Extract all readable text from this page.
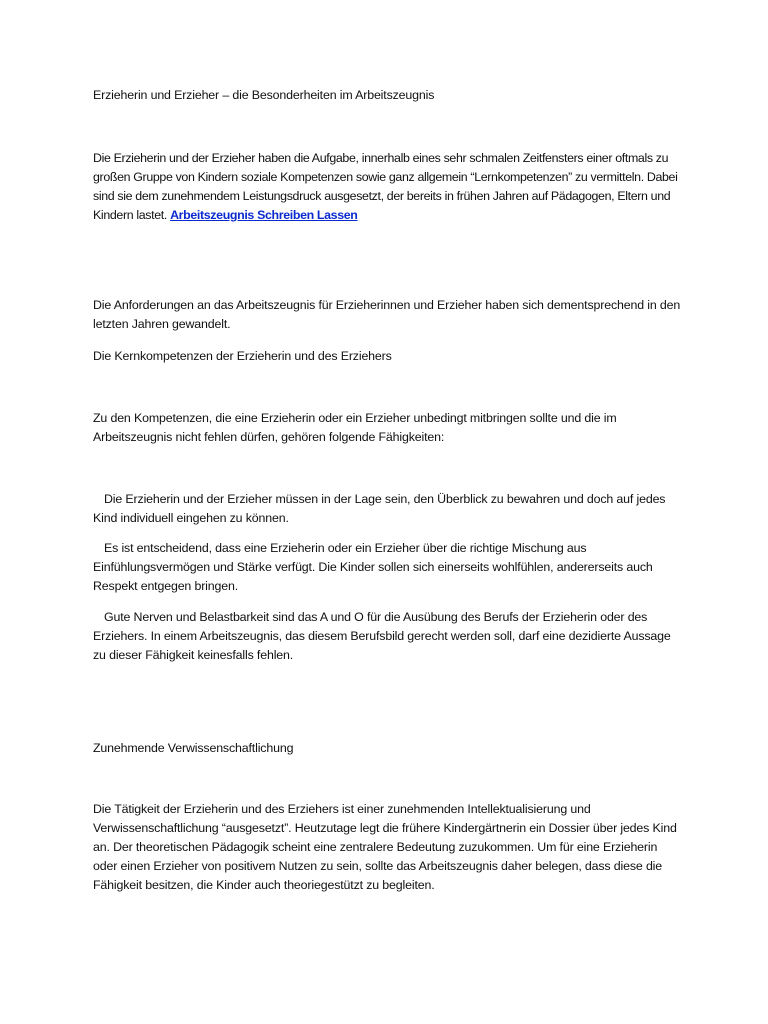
Erzieherin und Erzieher – die Besonderheiten im Arbeitszeugnis
Die Erzieherin und der Erzieher haben die Aufgabe, innerhalb eines sehr schmalen Zeitfensters einer oftmals zu großen Gruppe von Kindern soziale Kompetenzen sowie ganz allgemein “Lernkompetenzen” zu vermitteln. Dabei sind sie dem zunehmendem Leistungsdruck ausgesetzt, der bereits in frühen Jahren auf Pädagogen, Eltern und Kindern lastet. Arbeitszeugnis Schreiben Lassen
Die Anforderungen an das Arbeitszeugnis für Erzieherinnen und Erzieher haben sich dementsprechend in den letzten Jahren gewandelt.
Die Kernkompetenzen der Erzieherin und des Erziehers
Zu den Kompetenzen, die eine Erzieherin oder ein Erzieher unbedingt mitbringen sollte und die im Arbeitszeugnis nicht fehlen dürfen, gehören folgende Fähigkeiten:
Die Erzieherin und der Erzieher müssen in der Lage sein, den Überblick zu bewahren und doch auf jedes Kind individuell eingehen zu können.
Es ist entscheidend, dass eine Erzieherin oder ein Erzieher über die richtige Mischung aus Einfühlungsvermögen und Stärke verfügt. Die Kinder sollen sich einerseits wohlfühlen, andererseits auch Respekt entgegen bringen.
Gute Nerven und Belastbarkeit sind das A und O für die Ausübung des Berufs der Erzieherin oder des Erziehers. In einem Arbeitszeugnis, das diesem Berufsbild gerecht werden soll, darf eine dezidierte Aussage zu dieser Fähigkeit keinesfalls fehlen.
Zunehmende Verwissenschaftlichung
Die Tätigkeit der Erzieherin und des Erziehers ist einer zunehmenden Intellektualisierung und Verwissenschaftlichung “ausgesetzt”. Heutzutage legt die frühere Kindergärtnerin ein Dossier über jedes Kind an. Der theoretischen Pädagogik scheint eine zentralere Bedeutung zuzukommen. Um für eine Erzieherin oder einen Erzieher von positivem Nutzen zu sein, sollte das Arbeitszeugnis daher belegen, dass diese die Fähigkeit besitzen, die Kinder auch theoriegestützt zu begleiten.
